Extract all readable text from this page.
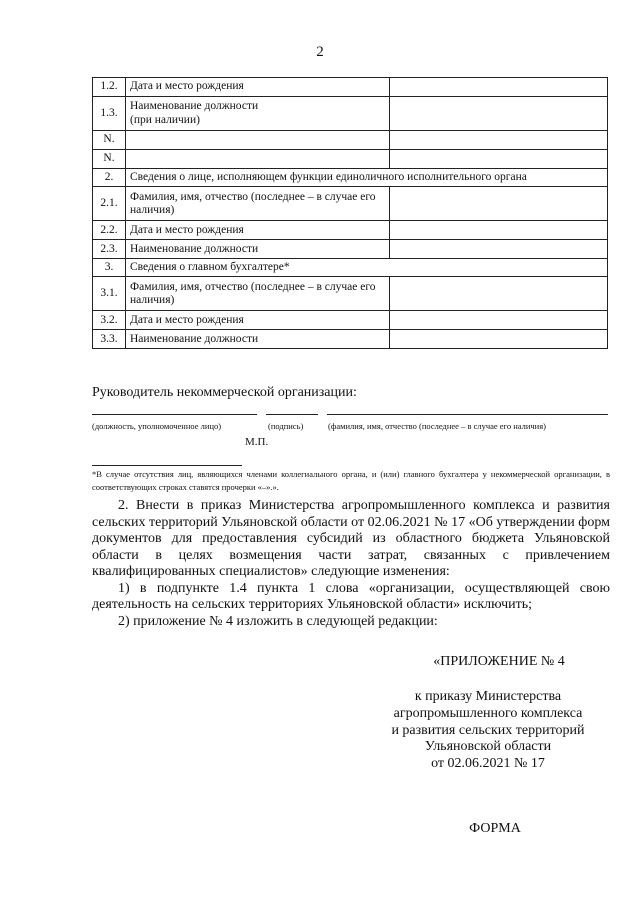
2
1.2.	Дата и место рождения	
1.3.	Наименование должности
(при наличии)	
N.		
N.		
2.	Сведения о лице, исполняющем функции единоличного исполнительного органа	
2.1.	Фамилия, имя, отчество (последнее – в случае его наличия)	
2.2.	Дата и место рождения	
2.3.	Наименование должности	
3.	Сведения о главном бухгалтере*	
3.1.	Фамилия, имя, отчество (последнее – в случае его наличия)	
3.2.	Дата и место рождения	
3.3.	Наименование должности	
Руководитель некоммерческой организации:
(должность, уполномоченное лицо)	(подпись)	(фамилия, имя, отчество (последнее – в случае его наличия)
М.П.
*В случае отсутствия лиц, являющихся членами коллегиального органа, и (или) главного бухгалтера у некоммерческой организации, в соответствующих строках ставятся прочерки «–».».

2. Внести в приказ Министерства агропромышленного комплекса и развития сельских территорий Ульяновской области от 02.06.2021 № 17 «Об утверждении форм документов для предоставления субсидий из областного бюджета Ульяновской области в целях возмещения части затрат, связанных с привлечением квалифицированных специалистов» следующие изменения:

1) в подпункте 1.4 пункта 1 слова «организации, осуществляющей свою деятельность на сельских территориях Ульяновской области» исключить;

2) приложение № 4 изложить в следующей редакции:

«ПРИЛОЖЕНИЕ № 4
к приказу Министерства
агропромышленного комплекса
и развития сельских территорий
Ульяновской области
от 02.06.2021 № 17
ФОРМА
